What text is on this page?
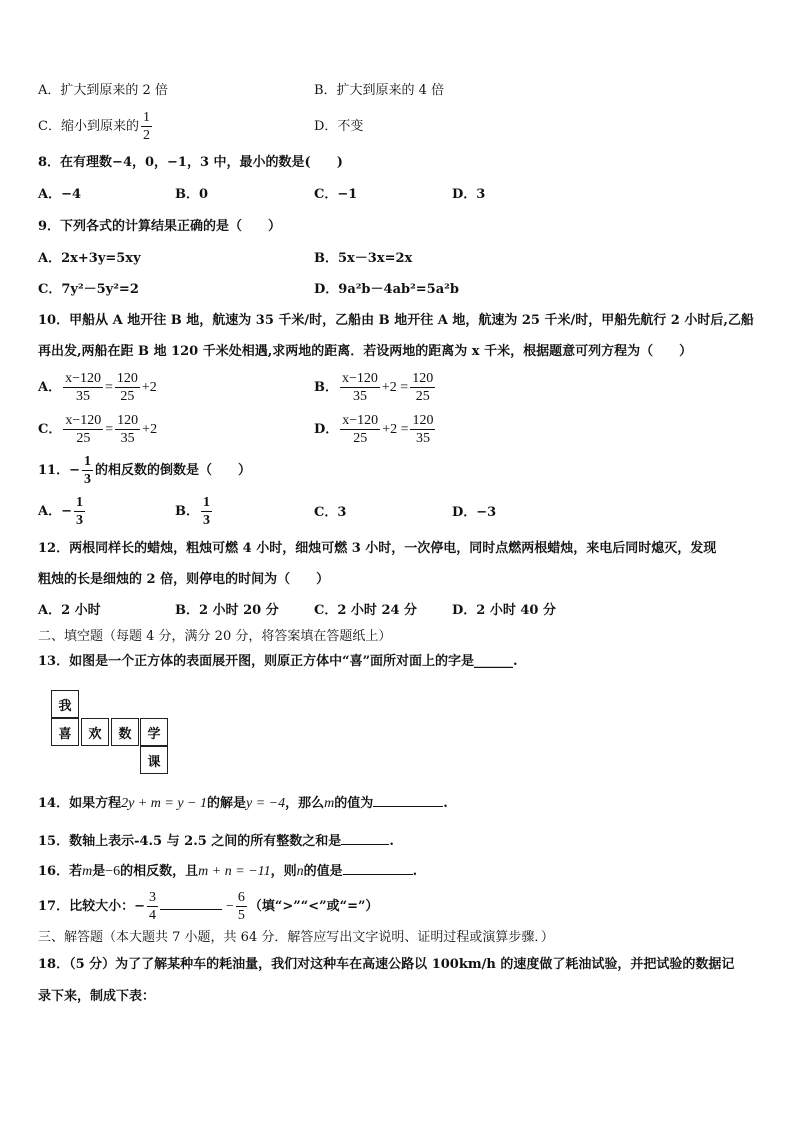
A．扩大到原来的 2 倍	B．扩大到原来的 4 倍
C．缩小到原来的 $\frac{1}{2}$	D．不变
8．在有理数−4，0，−1，3 中，最小的数是(　　)
A．−4	B．0	C．−1	D．3
9．下列各式的计算结果正确的是（　　）
A．2x+3y=5xy	B．5x－3x=2x
C．7y²－5y²=2	D．9a²b－4ab²=5a²b
10．甲船从 A 地开往 B 地，航速为 35 千米/时，乙船由 B 地开往 A 地，航速为 25 千米/时，甲船先航行 2 小时后,乙船
再出发,两船在距 B 地 120 千米处相遇,求两地的距离．若设两地的距离为 x 千米，根据题意可列方程为（　　）
A． $\frac{x-120}{35} = \frac{120}{25} +2$	B． $\frac{x-120}{35} +2 = \frac{120}{25}$
C． $\frac{x-120}{25} = \frac{120}{35} +2$	D． $\frac{x-120}{25} +2 = \frac{120}{35}$
11．− $\frac{1}{3}$ 的相反数的倒数是（　　）
A．− $\frac{1}{3}$	B． $\frac{1}{3}$	C．3	D．−3
12．两根同样长的蜡烛，粗烛可燃 4 小时，细烛可燃 3 小时，一次停电，同时点燃两根蜡烛，来电后同时熄灭，发现
粗烛的长是细烛的 2 倍，则停电的时间为（　　）
A．2 小时	B．2 小时 20 分	C．2 小时 24 分	D．2 小时 40 分
二、填空题（每题 4 分，满分 20 分，将答案填在答题纸上）
13．如图是一个正方体的表面展开图，则原正方体中“喜”面所对面上的字是______.
我
喜	欢	数	学
课
14．如果方程2y + m = y − 1的解是y = −4，那么m的值为	.
15．数轴上表示-4.5 与 2.5 之间的所有整数之和是	.
16．若m是−6的相反数，且m + n = −11，则n的值是	.
17．比较大小：− $\frac{3}{4}$	− $\frac{6}{5}$ （填“>”“<”或“=”）
三、解答题（本大题共 7 小题，共 64 分．解答应写出文字说明、证明过程或演算步骤．）
18．（5 分）为了了解某种车的耗油量，我们对这种车在高速公路以 100km/h 的速度做了耗油试验，并把试验的数据记
录下来，制成下表：
